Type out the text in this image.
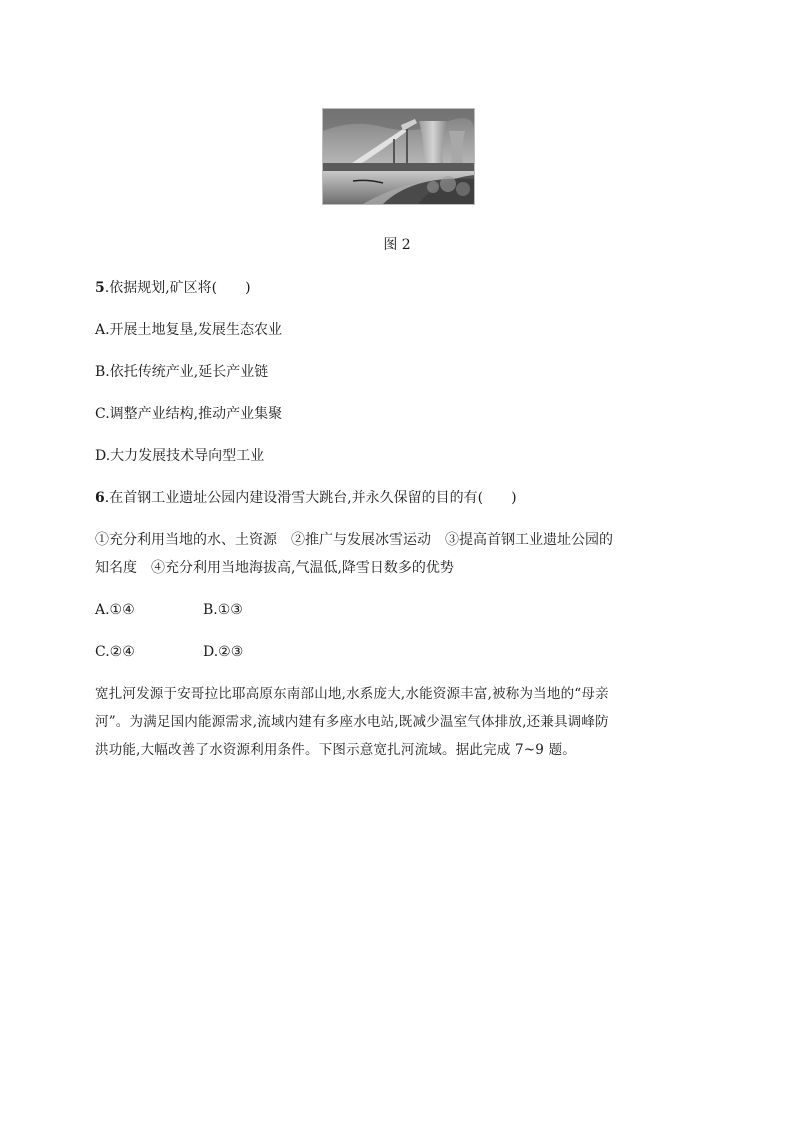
图 2
5.依据规划,矿区将(　　)
A.开展土地复垦,发展生态农业
B.依托传统产业,延长产业链
C.调整产业结构,推动产业集聚
D.大力发展技术导向型工业
6.在首钢工业遗址公园内建设滑雪大跳台,并永久保留的目的有(　　)
①充分利用当地的水、土资源　②推广与发展冰雪运动　③提高首钢工业遗址公园的
知名度　④充分利用当地海拔高,气温低,降雪日数多的优势
A.①④	B.①③
C.②④	D.②③
宽扎河发源于安哥拉比耶高原东南部山地,水系庞大,水能资源丰富,被称为当地的“母亲
河”。为满足国内能源需求,流域内建有多座水电站,既减少温室气体排放,还兼具调峰防
洪功能,大幅改善了水资源利用条件。下图示意宽扎河流域。据此完成 7~9 题。
